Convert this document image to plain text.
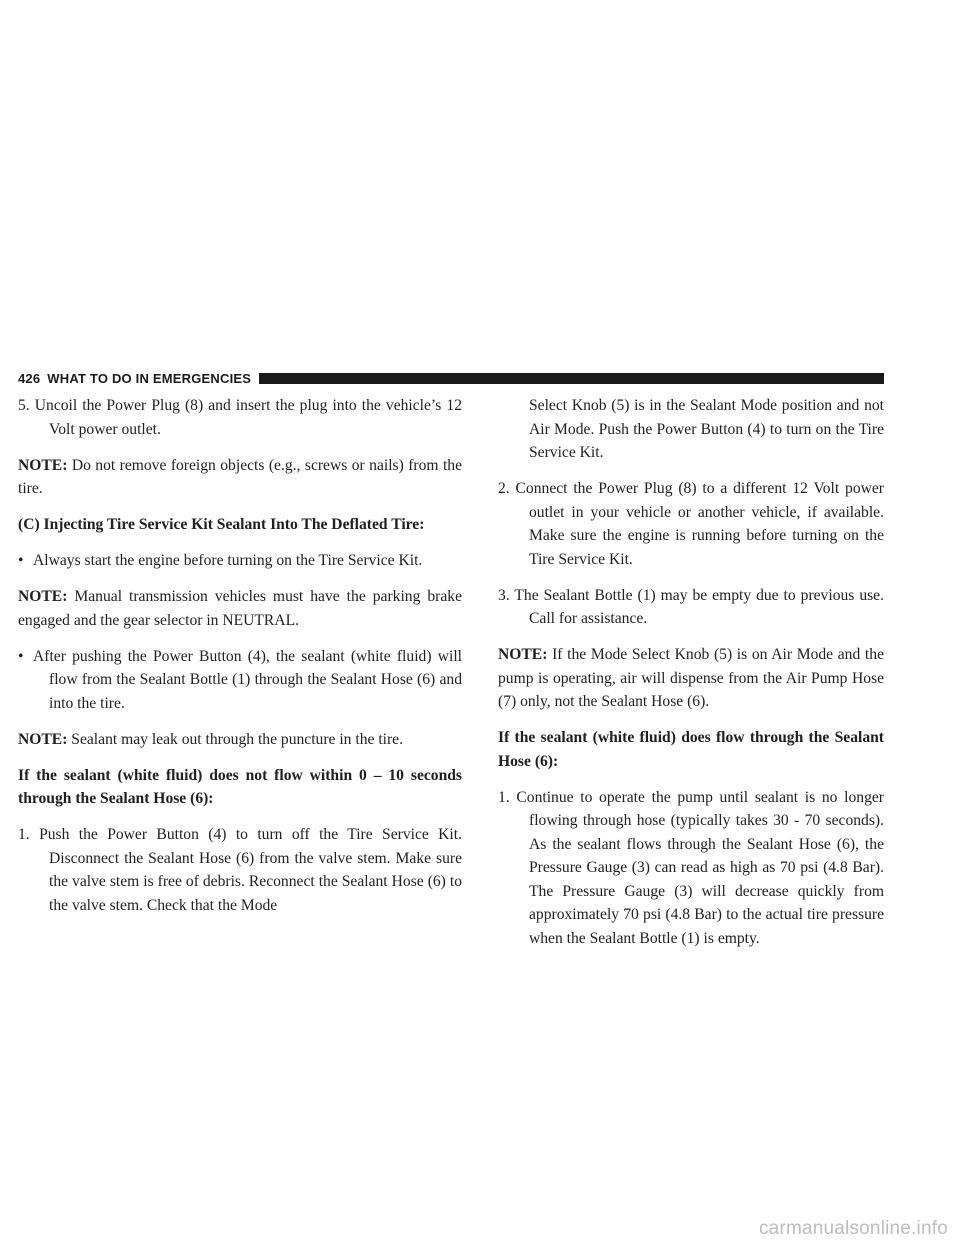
426 WHAT TO DO IN EMERGENCIES

5. Uncoil the Power Plug (8) and insert the plug into the vehicle’s 12 Volt power outlet.

NOTE: Do not remove foreign objects (e.g., screws or nails) from the tire.

(C) Injecting Tire Service Kit Sealant Into The Deflated Tire:

• Always start the engine before turning on the Tire Service Kit.

NOTE: Manual transmission vehicles must have the parking brake engaged and the gear selector in NEUTRAL.

• After pushing the Power Button (4), the sealant (white fluid) will flow from the Sealant Bottle (1) through the Sealant Hose (6) and into the tire.

NOTE: Sealant may leak out through the puncture in the tire.

If the sealant (white fluid) does not flow within 0 – 10 seconds through the Sealant Hose (6):

1. Push the Power Button (4) to turn off the Tire Service Kit. Disconnect the Sealant Hose (6) from the valve stem. Make sure the valve stem is free of debris. Reconnect the Sealant Hose (6) to the valve stem. Check that the Mode

Select Knob (5) is in the Sealant Mode position and not Air Mode. Push the Power Button (4) to turn on the Tire Service Kit.

2. Connect the Power Plug (8) to a different 12 Volt power outlet in your vehicle or another vehicle, if available. Make sure the engine is running before turning on the Tire Service Kit.

3. The Sealant Bottle (1) may be empty due to previous use. Call for assistance.

NOTE: If the Mode Select Knob (5) is on Air Mode and the pump is operating, air will dispense from the Air Pump Hose (7) only, not the Sealant Hose (6).

If the sealant (white fluid) does flow through the Sealant Hose (6):

1. Continue to operate the pump until sealant is no longer flowing through hose (typically takes 30 - 70 seconds). As the sealant flows through the Sealant Hose (6), the Pressure Gauge (3) can read as high as 70 psi (4.8 Bar). The Pressure Gauge (3) will decrease quickly from approximately 70 psi (4.8 Bar) to the actual tire pressure when the Sealant Bottle (1) is empty.

carmanualsonline.info
